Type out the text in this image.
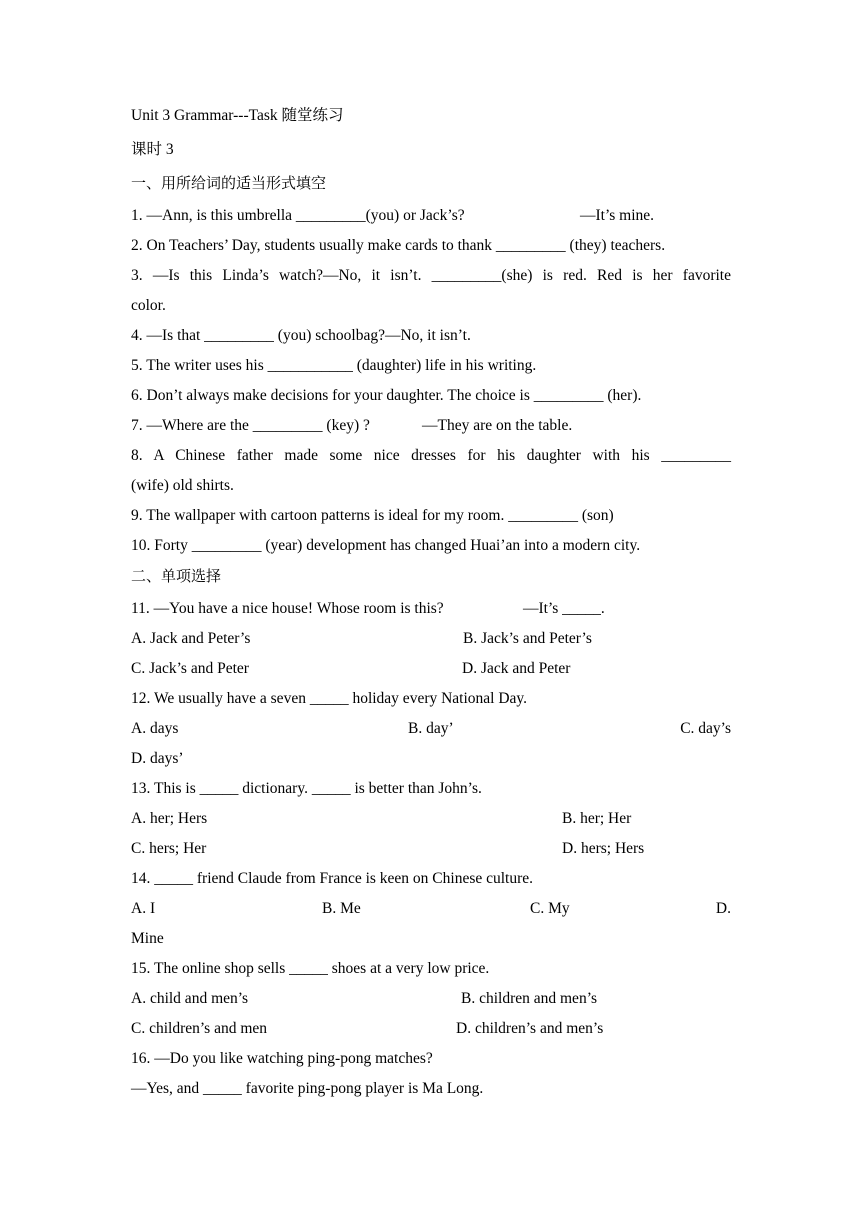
Unit 3 Grammar---Task 随堂练习
课时 3
一、用所给词的适当形式填空
1. —Ann, is this umbrella _________(you) or Jack’s?	—It’s mine.
2. On Teachers’ Day, students usually make cards to thank _________ (they) teachers.
3. —Is this Linda’s watch?—No, it isn’t. _________(she) is red. Red is her favorite
color.
4. —Is that _________ (you) schoolbag?—No, it isn’t.
5. The writer uses his ___________ (daughter) life in his writing.
6. Don’t always make decisions for your daughter. The choice is _________ (her).
7. —Where are the _________ (key) ?	—They are on the table.
8. A Chinese father made some nice dresses for his daughter with his _________
(wife) old shirts.
9. The wallpaper with cartoon patterns is ideal for my room. _________ (son)
10. Forty _________ (year) development has changed Huai’an into a modern city.
二、单项选择
11. —You have a nice house! Whose room is this?	—It’s _____.
A. Jack and Peter’s	B. Jack’s and Peter’s
C. Jack’s and Peter	D. Jack and Peter
12. We usually have a seven _____ holiday every National Day.
A. days	B. day’	C. day’s
D. days’
13. This is _____ dictionary. _____ is better than John’s.
A. her; Hers	B. her; Her
C. hers; Her	D. hers; Hers
14. _____ friend Claude from France is keen on Chinese culture.
A. I	B. Me	C. My	D.
Mine
15. The online shop sells _____ shoes at a very low price.
A. child and men’s	B. children and men’s
C. children’s and men	D. children’s and men’s
16. —Do you like watching ping-pong matches?
—Yes, and _____ favorite ping-pong player is Ma Long.
